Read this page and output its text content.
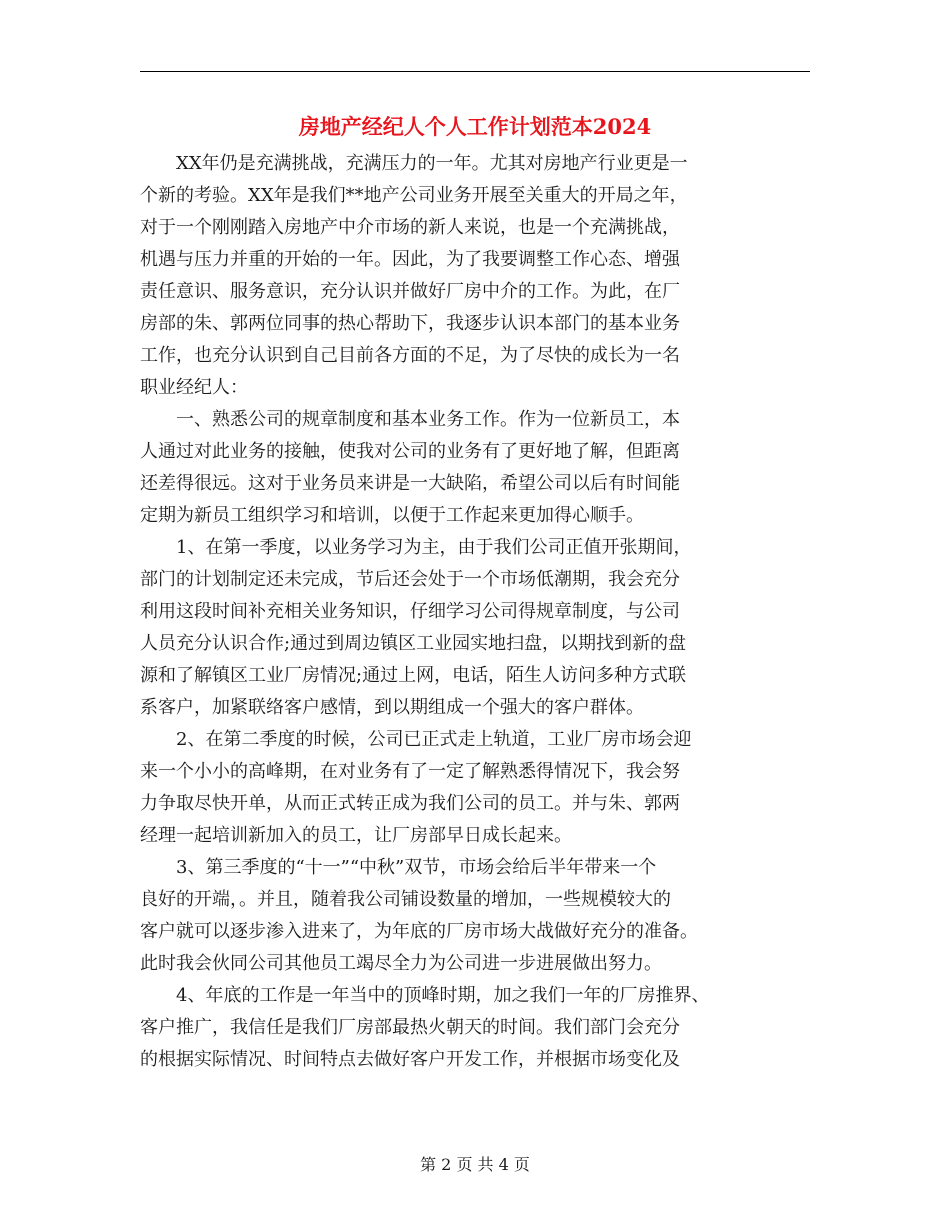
房地产经纪人个人工作计划范本2024
XX年仍是充满挑战，充满压力的一年。尤其对房地产行业更是一
个新的考验。XX年是我们**地产公司业务开展至关重大的开局之年，
对于一个刚刚踏入房地产中介市场的新人来说，也是一个充满挑战，
机遇与压力并重的开始的一年。因此，为了我要调整工作心态、增强
责任意识、服务意识，充分认识并做好厂房中介的工作。为此，在厂
房部的朱、郭两位同事的热心帮助下，我逐步认识本部门的基本业务
工作，也充分认识到自己目前各方面的不足，为了尽快的成长为一名
职业经纪人：
一、熟悉公司的规章制度和基本业务工作。作为一位新员工，本
人通过对此业务的接触，使我对公司的业务有了更好地了解，但距离
还差得很远。这对于业务员来讲是一大缺陷，希望公司以后有时间能
定期为新员工组织学习和培训，以便于工作起来更加得心顺手。
1、在第一季度，以业务学习为主，由于我们公司正值开张期间，
部门的计划制定还未完成，节后还会处于一个市场低潮期，我会充分
利用这段时间补充相关业务知识，仔细学习公司得规章制度，与公司
人员充分认识合作;通过到周边镇区工业园实地扫盘，以期找到新的盘
源和了解镇区工业厂房情况;通过上网，电话，陌生人访问多种方式联
系客户，加紧联络客户感情，到以期组成一个强大的客户群体。
2、在第二季度的时候，公司已正式走上轨道，工业厂房市场会迎
来一个小小的高峰期，在对业务有了一定了解熟悉得情况下，我会努
力争取尽快开单，从而正式转正成为我们公司的员工。并与朱、郭两
经理一起培训新加入的员工，让厂房部早日成长起来。
3、第三季度的“十一”“中秋”双节，市场会给后半年带来一个
良好的开端，。并且，随着我公司铺设数量的增加，一些规模较大的
客户就可以逐步渗入进来了，为年底的厂房市场大战做好充分的准备。
此时我会伙同公司其他员工竭尽全力为公司进一步进展做出努力。
4、年底的工作是一年当中的顶峰时期，加之我们一年的厂房推界、
客户推广，我信任是我们厂房部最热火朝天的时间。我们部门会充分
的根据实际情况、时间特点去做好客户开发工作，并根据市场变化及
第 2 页 共 4 页
